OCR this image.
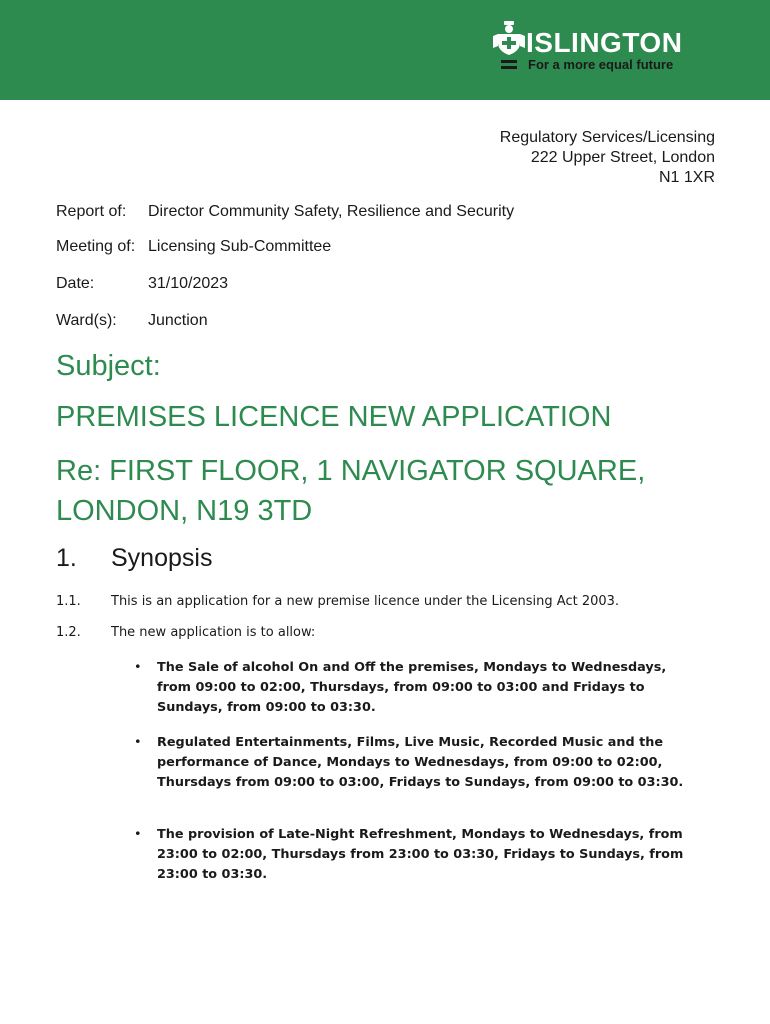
ISLINGTON
For a more equal future
Regulatory Services/Licensing
222 Upper Street, London
N1 1XR
Report of: Director Community Safety, Resilience and Security
Meeting of: Licensing Sub-Committee
Date:	31/10/2023
Ward(s): Junction
Subject:
PREMISES LICENCE NEW APPLICATION
Re: FIRST FLOOR, 1 NAVIGATOR SQUARE,
LONDON, N19 3TD
1. Synopsis
1.1. This is an application for a new premise licence under the Licensing Act 2003.
1.2. The new application is to allow:
• The Sale of alcohol On and Off the premises, Mondays to Wednesdays, from 09:00 to 02:00, Thursdays, from 09:00 to 03:00 and Fridays to Sundays, from 09:00 to 03:30.
• Regulated Entertainments, Films, Live Music, Recorded Music and the performance of Dance, Mondays to Wednesdays, from 09:00 to 02:00, Thursdays from 09:00 to 03:00, Fridays to Sundays, from 09:00 to 03:30.
• The provision of Late-Night Refreshment, Mondays to Wednesdays, from 23:00 to 02:00, Thursdays from 23:00 to 03:30, Fridays to Sundays, from 23:00 to 03:30.
